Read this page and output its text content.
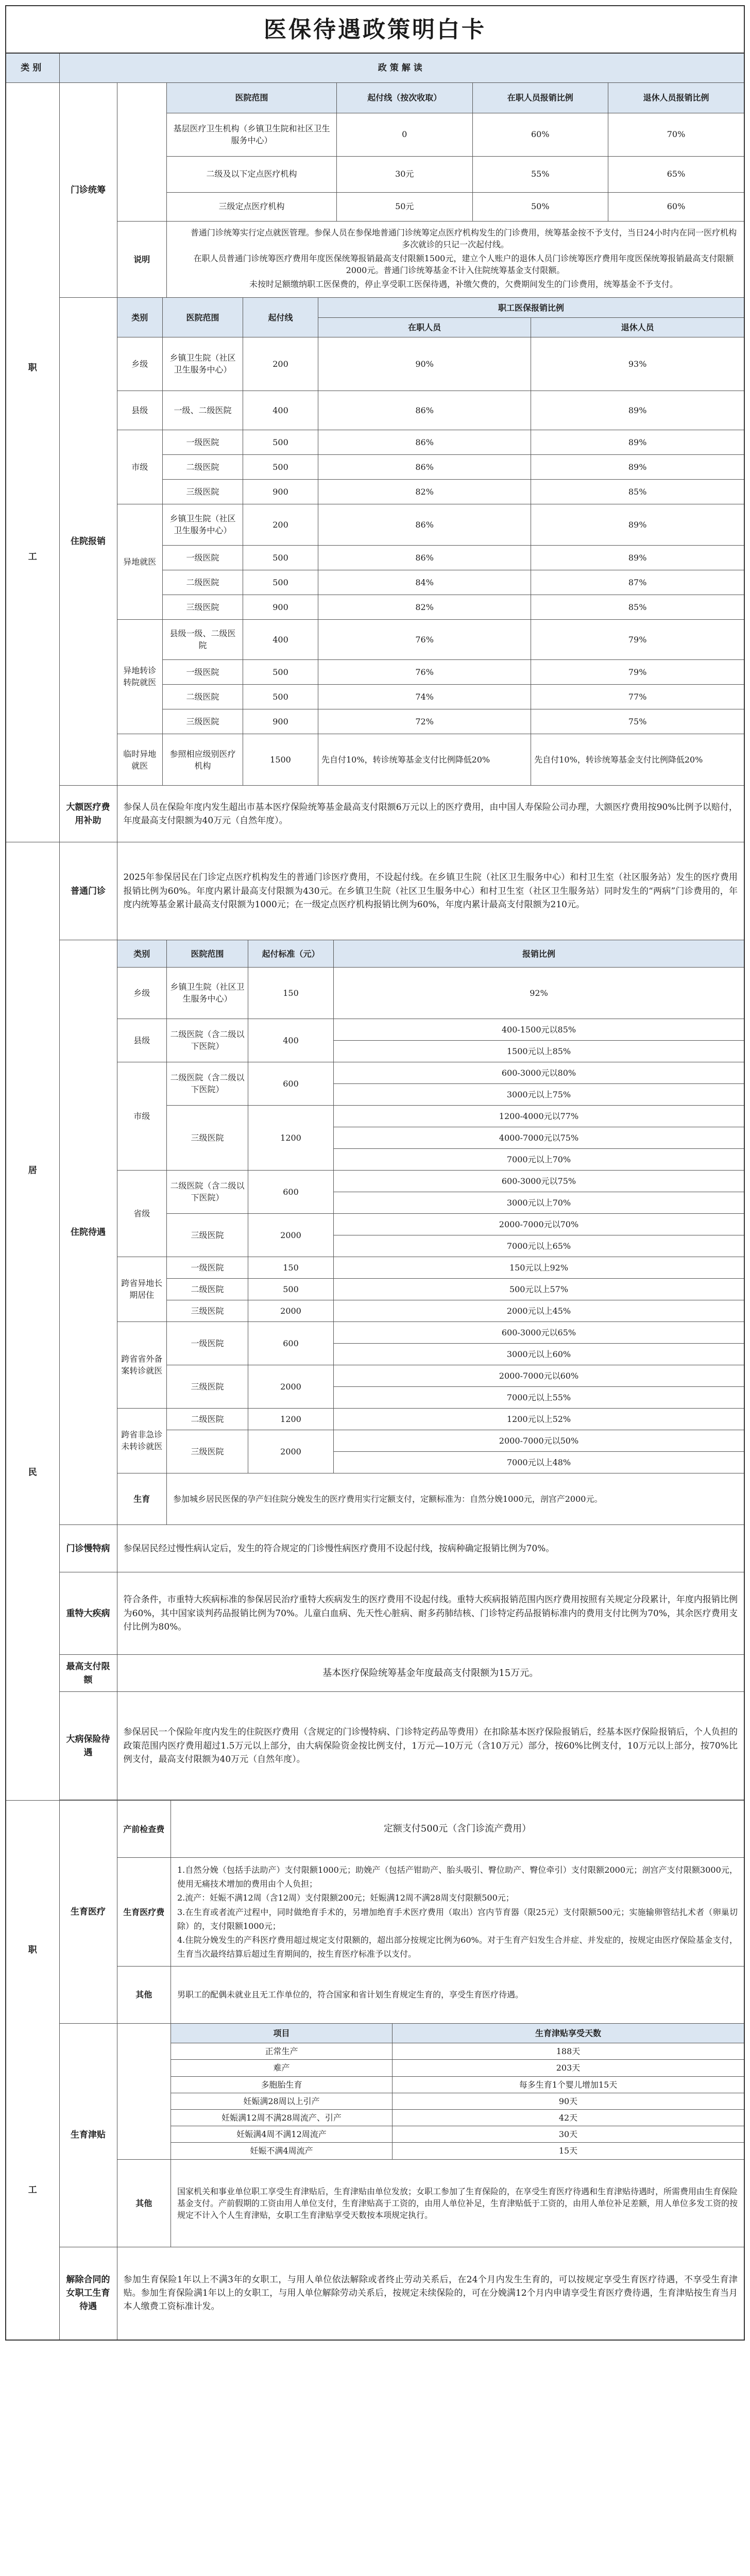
医保待遇政策明白卡
类别	政策解读

职
工
	门诊统筹	
	医院范围	起付线（按次收取）	在职人员报销比例	退休人员报销比例
基层医疗卫生机构（乡镇卫生院和社区卫生服务中心）	0	60%	70%
二级及以下定点医疗机构	30元	55%	65%
三级定点医疗机构	50元	50%	60%
说明	

普通门诊统筹实行定点就医管理。参保人员在参保地普通门诊统筹定点医疗机构发生的门诊费用，统筹基金按不予支付，当日24小时内在同一医疗机构多次就诊的只记一次起付线。

在职人员普通门诊统筹医疗费用年度医保统筹报销最高支付限额1500元，建立个人账户的退休人员门诊统筹医疗费用年度医保统筹报销最高支付限额2000元。普通门诊统筹基金不计入住院统筹基金支付限额。

未按时足额缴纳职工医保费的，停止享受职工医保待遇，补缴欠费的，欠费期间发生的门诊费用，统筹基金不予支付。

住院报销	
类别	医院范围	起付线	职工医保报销比例
在职人员	退休人员
乡级	乡镇卫生院（社区卫生服务中心）	200	90%	93%
县级	一级、二级医院	400	86%	89%
市级	一级医院	500	86%	89%
二级医院	500	86%	89%
三级医院	900	82%	85%
异地就医	乡镇卫生院（社区卫生服务中心）	200	86%	89%
一级医院	500	86%	89%
二级医院	500	84%	87%
三级医院	900	82%	85%
异地转诊转院就医	县级一级、二级医院	400	76%	79%
一级医院	500	76%	79%
二级医院	500	74%	77%
三级医院	900	72%	75%
临时异地就医	参照相应级别医疗机构	1500	先自付10%，转诊统筹基金支付比例降低20%	先自付10%，转诊统筹基金支付比例降低20%

大额医疗费用补助	参保人员在保险年度内发生超出市基本医疗保险统筹基金最高支付限额6万元以上的医疗费用，由中国人寿保险公司办理，大额医疗费用按90%比例予以赔付，年度最高支付限额为40万元（自然年度）。

居
民
	普通门诊	2025年参保居民在门诊定点医疗机构发生的普通门诊医疗费用，不设起付线。在乡镇卫生院（社区卫生服务中心）和村卫生室（社区服务站）发生的医疗费用报销比例为60%。年度内累计最高支付限额为430元。在乡镇卫生院（社区卫生服务中心）和村卫生室（社区卫生服务站）同时发生的“两病”门诊费用的，年度内统筹基金累计最高支付限额为1000元；在一级定点医疗机构报销比例为60%，年度内累计最高支付限额为210元。
住院待遇	
类别	医院范围	起付标准（元）	报销比例
乡级	乡镇卫生院（社区卫生服务中心）	150	92%
县级	二级医院（含二级以下医院）	400	400-1500元以85%
1500元以上85%
市级	二级医院（含二级以下医院）	600	600-3000元以80%
3000元以上75%
三级医院	1200	1200-4000元以77%
4000-7000元以75%
7000元以上70%
省级	二级医院（含二级以下医院）	600	600-3000元以75%
3000元以上70%
三级医院	2000	2000-7000元以70%
7000元以上65%
跨省异地长期居住	一级医院	150	150元以上92%
二级医院	500	500元以上57%
三级医院	2000	2000元以上45%
跨省省外备案转诊就医	一级医院	600	600-3000元以65%
3000元以上60%
三级医院	2000	2000-7000元以60%
7000元以上55%
跨省非急诊未转诊就医	二级医院	1200	1200元以上52%
三级医院	2000	2000-7000元以50%
7000元以上48%
生育	参加城乡居民医保的孕产妇住院分娩发生的医疗费用实行定额支付，定额标准为：自然分娩1000元，剖宫产2000元。

门诊慢特病	参保居民经过慢性病认定后，发生的符合规定的门诊慢性病医疗费用不设起付线，按病种确定报销比例为70%。
重特大疾病	符合条件，市重特大疾病标准的参保居民治疗重特大疾病发生的医疗费用不设起付线。重特大疾病报销范围内医疗费用按照有关规定分段累计，年度内报销比例为60%，其中国家谈判药品报销比例为70%。儿童白血病、先天性心脏病、耐多药肺结核、门诊特定药品报销标准内的费用支付比例为70%，其余医疗费用支付比例为80%。
最高支付限额	基本医疗保险统筹基金年度最高支付限额为15万元。
大病保险待遇	参保居民一个保险年度内发生的住院医疗费用（含规定的门诊慢特病、门诊特定药品等费用）在扣除基本医疗保险报销后，经基本医疗保险报销后，个人负担的政策范围内医疗费用超过1.5万元以上部分，由大病保险资金按比例支付，1万元—10万元（含10万元）部分，按60%比例支付，10万元以上部分，按70%比例支付，最高支付限额为40万元（自然年度）。

职
工
	生育医疗	
产前检查费	定额支付500元（含门诊流产费用）
生育医疗费	
1.自然分娩（包括手法助产）支付限额1000元；助娩产（包括产钳助产、胎头吸引、臀位助产、臀位牵引）支付限额2000元；剖宫产支付限额3000元，使用无痛技术增加的费用由个人负担；
2.流产：妊娠不满12周（含12周）支付限额200元；妊娠满12周不满28周支付限额500元；
3.在生育或者流产过程中，同时做绝育手术的，另增加绝育手术医疗费用（取出）宫内节育器（限25元）支付限额500元；实施输卵管结扎术者（卵巢切除）的，支付限额1000元；
4.住院分娩发生的产科医疗费用超过规定支付限额的，超出部分按规定比例为60%。对于生育产妇发生合并症、并发症的，按规定由医疗保险基金支付，生育当次最终结算后超过生育期间的，按生育医疗标准予以支付。

其他	男职工的配偶未就业且无工作单位的，符合国家和省计划生育规定生育的，享受生育医疗待遇。

生育津贴	
	项目	生育津贴享受天数
正常生产	188天
难产	203天
多胞胎生育	每多生育1个婴儿增加15天
妊娠满28周以上引产	90天
妊娠满12周不满28周流产、引产	42天
妊娠满4周不满12周流产	30天
妊娠不满4周流产	15天
其他	国家机关和事业单位职工享受生育津贴后，生育津贴由单位发放；女职工参加了生育保险的，在享受生育医疗待遇和生育津贴待遇时，所需费用由生育保险基金支付。产前假期的工资由用人单位支付，生育津贴高于工资的，由用人单位补足，生育津贴低于工资的，由用人单位补足差额，用人单位多发工资的按规定不计入个人生育津贴，女职工生育津贴享受天数按本项规定执行。

解除合同的女职工生育待遇	参加生育保险1年以上不满3年的女职工，与用人单位依法解除或者终止劳动关系后，在24个月内发生生育的，可以按规定享受生育医疗待遇，不享受生育津贴。参加生育保险满1年以上的女职工，与用人单位解除劳动关系后，按规定未续保险的，可在分娩满12个月内申请享受生育医疗费待遇，生育津贴按生育当月本人缴费工资标准计发。
